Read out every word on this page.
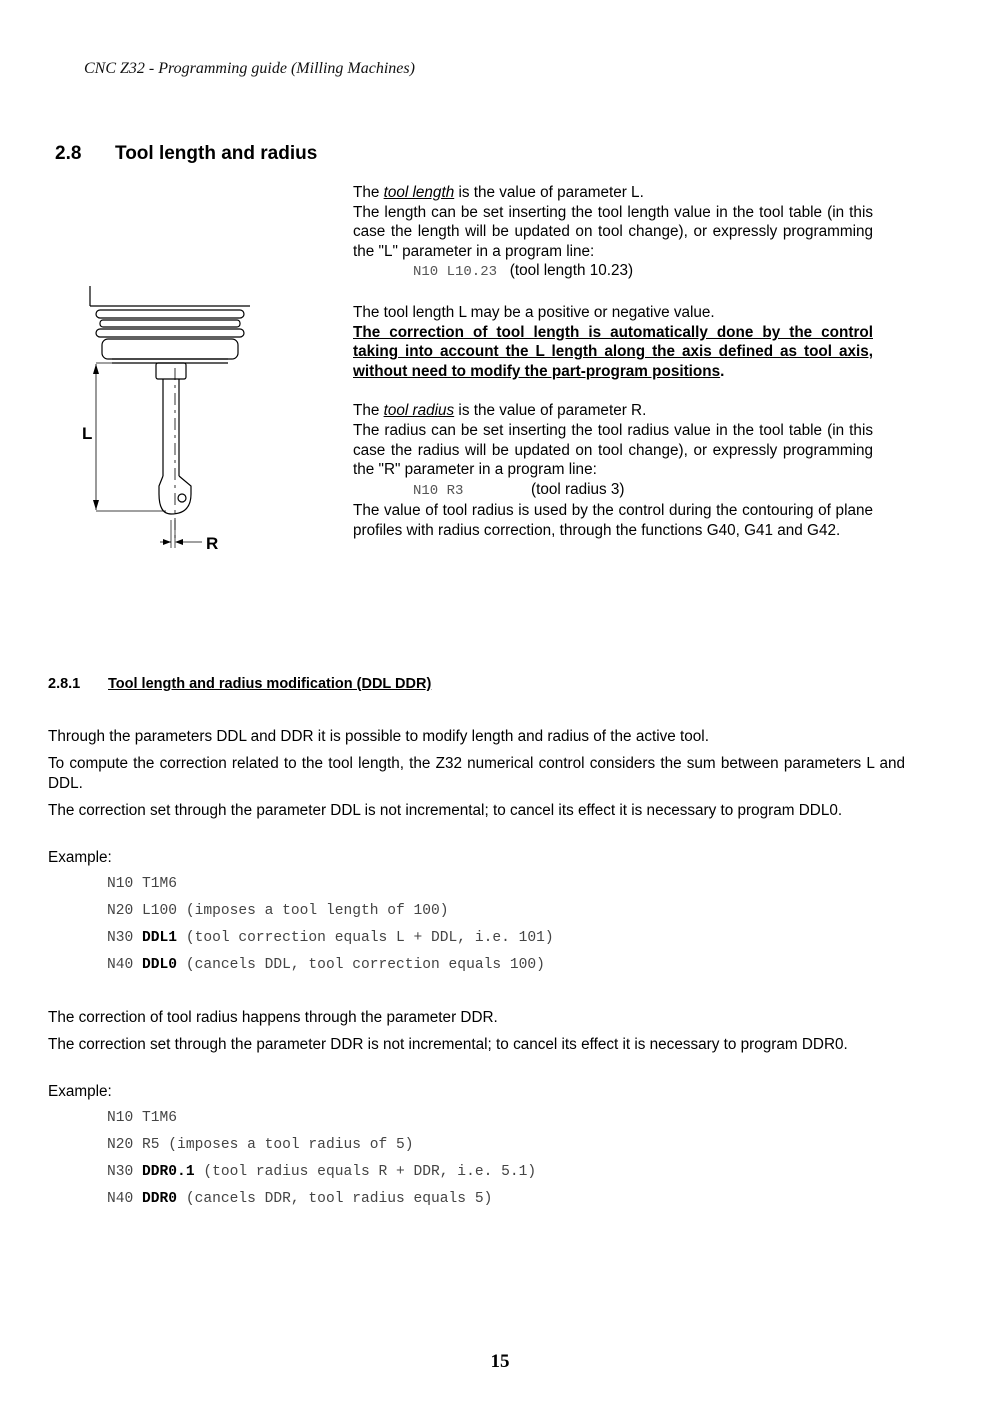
CNC Z32 - Programming guide (Milling Machines)
2.8 Tool length and radius
L
R

The tool length is the value of parameter L.

The length can be set inserting the tool length value in the tool table (in this case the length will be updated on tool change), or expressly programming the "L" parameter in a program line:

N10 L10.23 (tool length 10.23)

The tool length L may be a positive or negative value.

The correction of tool length is automatically done by the control taking into account the L length along the axis defined as tool axis, without need to modify the part-program positions.

The tool radius is the value of parameter R.

The radius can be set inserting the tool radius value in the tool table (in this case the radius will be updated on tool change), or expressly programming the "R" parameter in a program line:

N10 R3	(tool radius 3)

The value of tool radius is used by the control during the contouring of plane profiles with radius correction, through the functions G40, G41 and G42.

2.8.1 Tool length and radius modification (DDL DDR)
Through the parameters DDL and DDR it is possible to modify length and radius of the active tool.
To compute the correction related to the tool length, the Z32 numerical control considers the sum between parameters L and DDL.
The correction set through the parameter DDL is not incremental; to cancel its effect it is necessary to program DDL0.
Example:
N10 T1M6
N20 L100 (imposes a tool length of 100)
N30 DDL1 (tool correction equals L + DDL, i.e. 101)
N40 DDL0 (cancels DDL, tool correction equals 100)
The correction of tool radius happens through the parameter DDR.
The correction set through the parameter DDR is not incremental; to cancel its effect it is necessary to program DDR0.
Example:
N10 T1M6
N20 R5 (imposes a tool radius of 5)
N30 DDR0.1 (tool radius equals R + DDR, i.e. 5.1)
N40 DDR0 (cancels DDR, tool radius equals 5)
15
